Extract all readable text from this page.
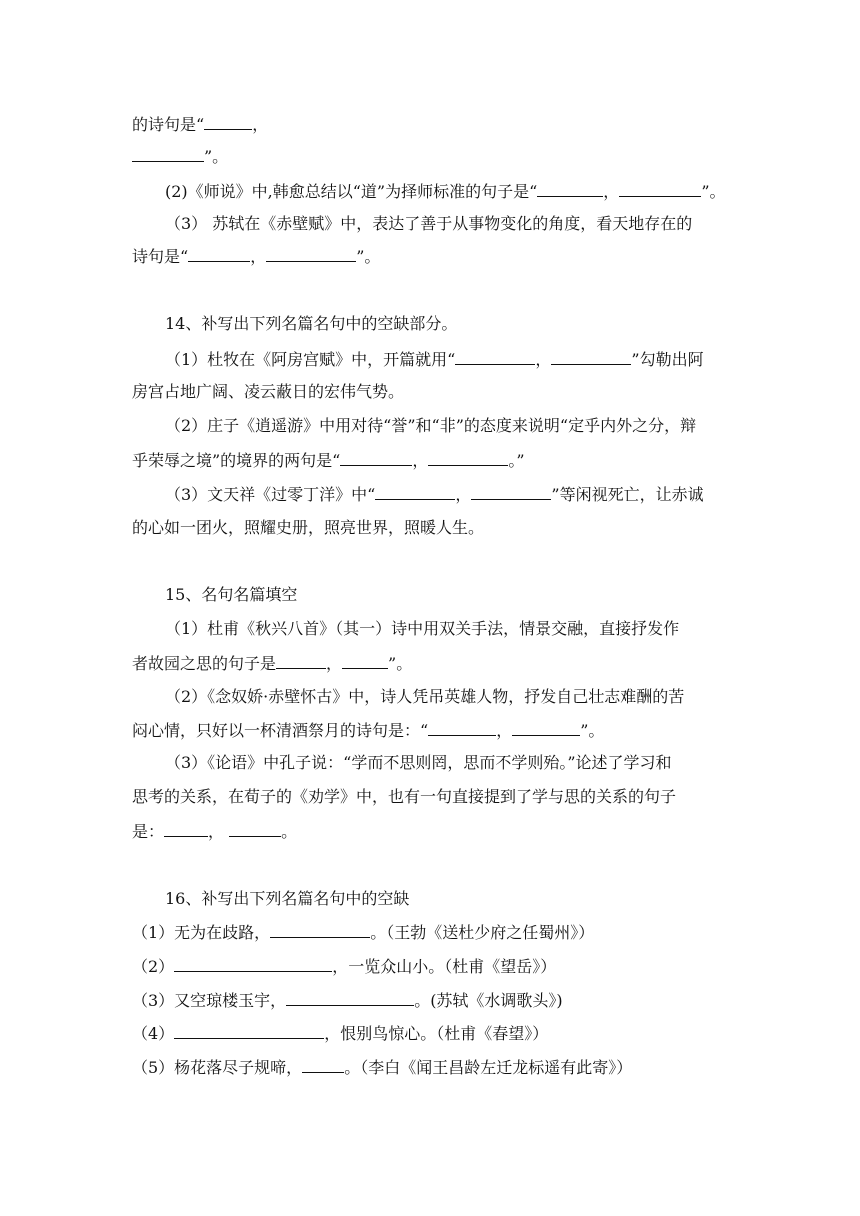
的诗句是“	，
”。
(2)《师说》中,韩愈总结以“道”为择师标准的句子是“	，	”。
（3） 苏轼在《赤壁赋》中，表达了善于从事物变化的角度，看天地存在的
诗句是“	，	”。
14、补写出下列名篇名句中的空缺部分。
（1）杜牧在《阿房宫赋》中，开篇就用“	，	”勾勒出阿
房宫占地广阔、凌云蔽日的宏伟气势。
（2）庄子《逍遥游》中用对待“誉”和“非”的态度来说明“定乎内外之分，辩
乎荣辱之境”的境界的两句是“	，	。”
（3）文天祥《过零丁洋》中“	，	”等闲视死亡，让赤诚
的心如一团火，照耀史册，照亮世界，照暖人生。
15、名句名篇填空
（1）杜甫《秋兴八首》（其一）诗中用双关手法，情景交融，直接抒发作
者故园之思的句子是	，	”。
（2）《念奴娇·赤壁怀古》中，诗人凭吊英雄人物，抒发自己壮志难酬的苦
闷心情，只好以一杯清酒祭月的诗句是：“	，	”。
（3）《论语》中孔子说：“学而不思则罔，思而不学则殆。”论述了学习和
思考的关系，在荀子的《劝学》中，也有一句直接提到了学与思的关系的句子
是：	，	。
16、补写出下列名篇名句中的空缺
（1）无为在歧路，	。（王勃《送杜少府之任蜀州》）
（2）	，一览众山小。（杜甫《望岳》）
（3）又空琼楼玉宇，	。(苏轼《水调歌头》)
（4）	，恨别鸟惊心。（杜甫《春望》）
（5）杨花落尽子规啼，	。（李白《闻王昌龄左迁龙标遥有此寄》）
